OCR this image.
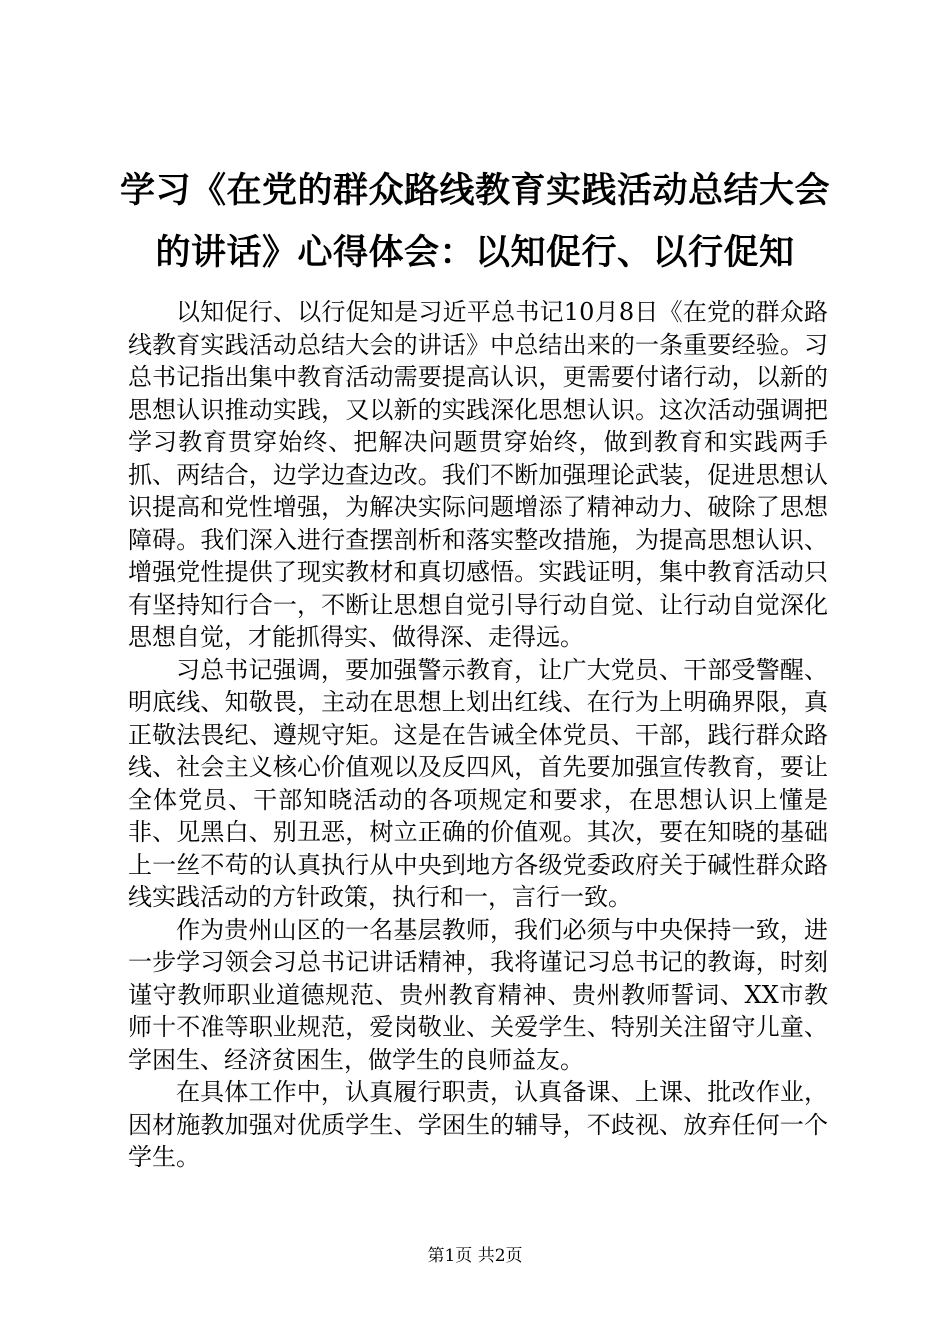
学习《在党的群众路线教育实践活动总结大会的讲话》心得体会：以知促行、以行促知

以知促行、以行促知是习近平总书记10月8日《在党的群众路线教育实践活动总结大会的讲话》中总结出来的一条重要经验。习总书记指出集中教育活动需要提高认识，更需要付诸行动，以新的思想认识推动实践，又以新的实践深化思想认识。这次活动强调把学习教育贯穿始终、把解决问题贯穿始终，做到教育和实践两手抓、两结合，边学边查边改。我们不断加强理论武装，促进思想认识提高和党性增强，为解决实际问题增添了精神动力、破除了思想障碍。我们深入进行查摆剖析和落实整改措施，为提高思想认识、增强党性提供了现实教材和真切感悟。实践证明，集中教育活动只有坚持知行合一，不断让思想自觉引导行动自觉、让行动自觉深化思想自觉，才能抓得实、做得深、走得远。

习总书记强调，要加强警示教育，让广大党员、干部受警醒、明底线、知敬畏，主动在思想上划出红线、在行为上明确界限，真正敬法畏纪、遵规守矩。这是在告诫全体党员、干部，践行群众路线、社会主义核心价值观以及反四风，首先要加强宣传教育，要让全体党员、干部知晓活动的各项规定和要求，在思想认识上懂是非、见黑白、别丑恶，树立正确的价值观。其次，要在知晓的基础上一丝不苟的认真执行从中央到地方各级党委政府关于碱性群众路线实践活动的方针政策，执行和一，言行一致。

作为贵州山区的一名基层教师，我们必须与中央保持一致，进一步学习领会习总书记讲话精神，我将谨记习总书记的教诲，时刻谨守教师职业道德规范、贵州教育精神、贵州教师誓词、XX市教师十不准等职业规范，爱岗敬业、关爱学生、特别关注留守儿童、学困生、经济贫困生，做学生的良师益友。

在具体工作中，认真履行职责，认真备课、上课、批改作业，因材施教加强对优质学生、学困生的辅导，不歧视、放弃任何一个学生。

第1页 共2页
